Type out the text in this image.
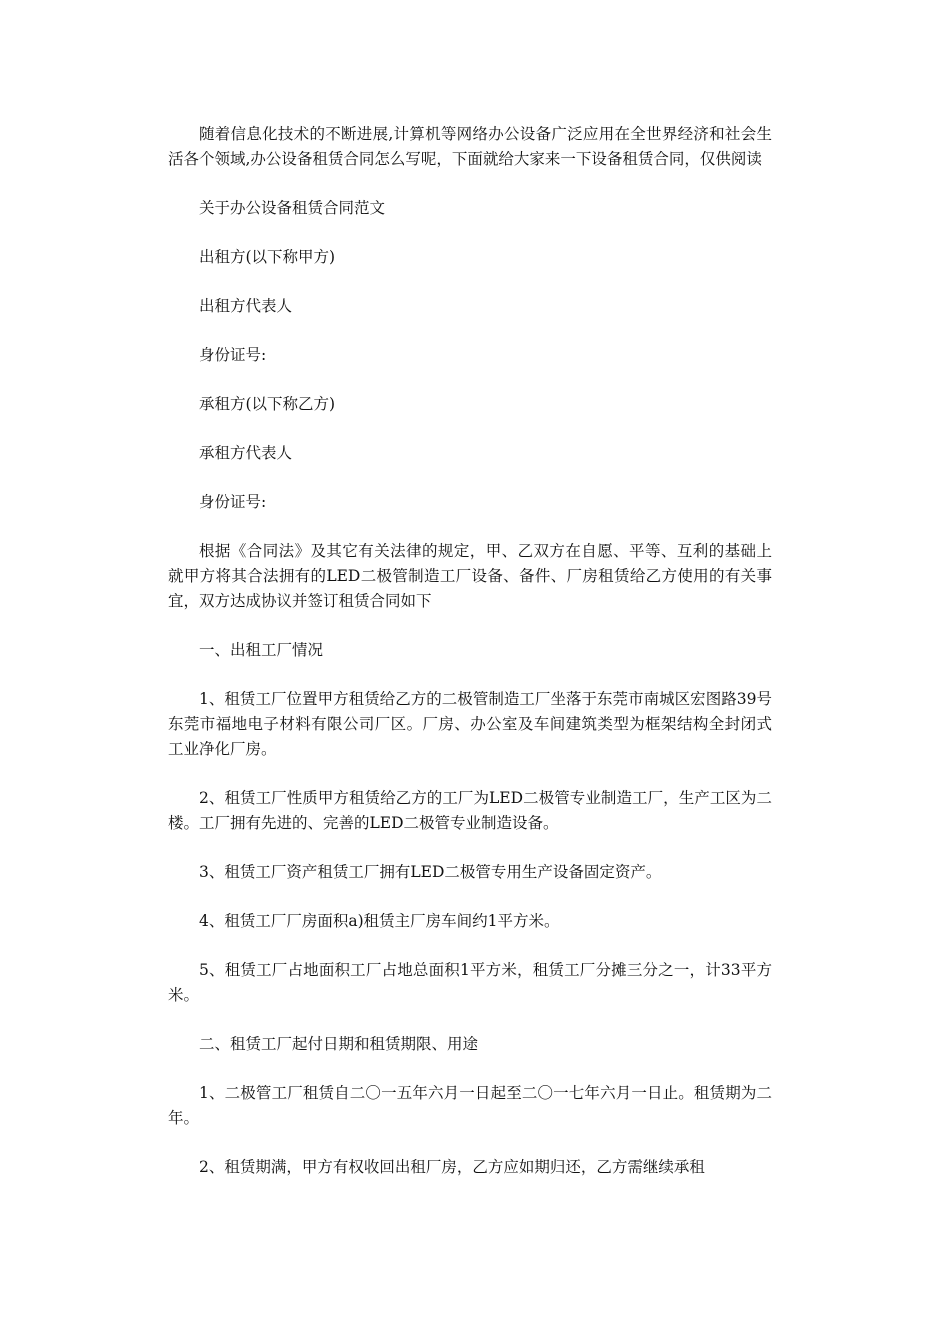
随着信息化技术的不断进展,计算机等网络办公设备广泛应用在全世界经济和社会生活各个领域,办公设备租赁合同怎么写呢，下面就给大家来一下设备租赁合同，仅供阅读

关于办公设备租赁合同范文

出租方(以下称甲方)

出租方代表人

身份证号:

承租方(以下称乙方)

承租方代表人

身份证号:

根据《合同法》及其它有关法律的规定，甲、乙双方在自愿、平等、互利的基础上就甲方将其合法拥有的LED二极管制造工厂设备、备件、厂房租赁给乙方使用的有关事宜，双方达成协议并签订租赁合同如下

一、出租工厂情况

1、租赁工厂位置甲方租赁给乙方的二极管制造工厂坐落于东莞市南城区宏图路39号东莞市福地电子材料有限公司厂区。厂房、办公室及车间建筑类型为框架结构全封闭式工业净化厂房。

2、租赁工厂性质甲方租赁给乙方的工厂为LED二极管专业制造工厂，生产工区为二楼。工厂拥有先进的、完善的LED二极管专业制造设备。

3、租赁工厂资产租赁工厂拥有LED二极管专用生产设备固定资产。

4、租赁工厂厂房面积a)租赁主厂房车间约1平方米。

5、租赁工厂占地面积工厂占地总面积1平方米，租赁工厂分摊三分之一，计33平方米。

二、租赁工厂起付日期和租赁期限、用途

1、二极管工厂租赁自二〇一五年六月一日起至二〇一七年六月一日止。租赁期为二年。

2、租赁期满，甲方有权收回出租厂房，乙方应如期归还，乙方需继续承租
